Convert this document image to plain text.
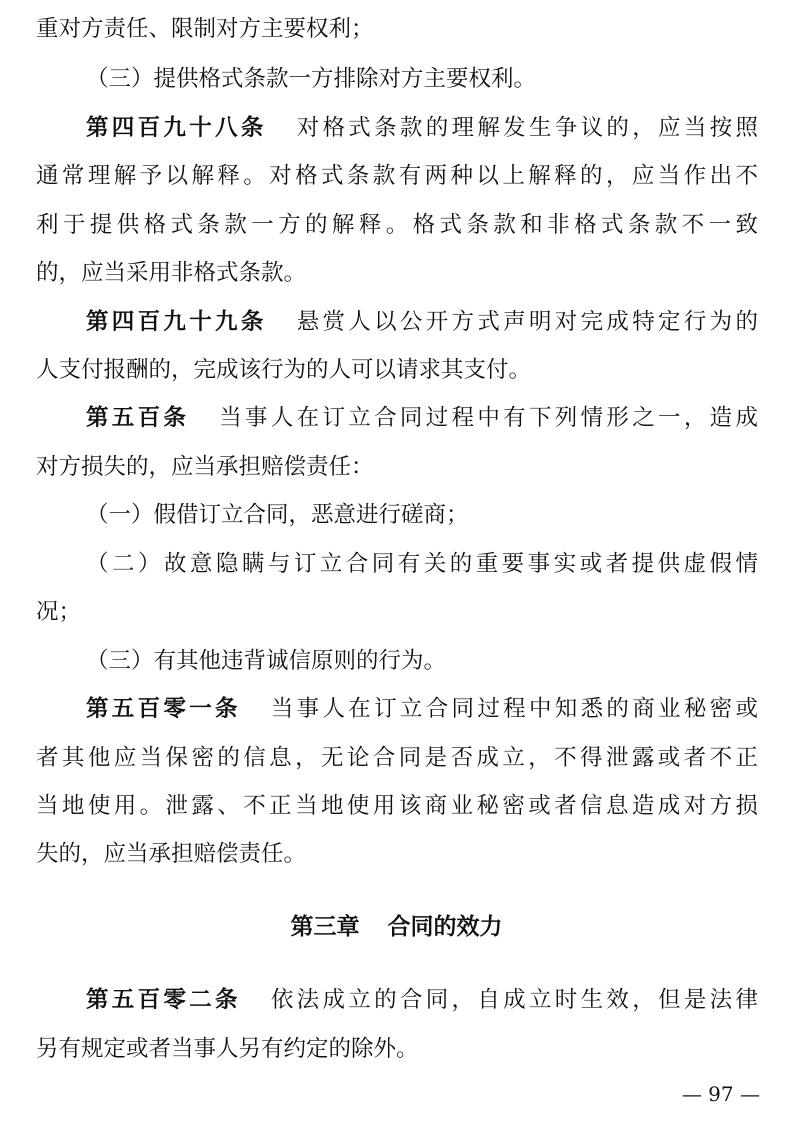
重对方责任、限制对方主要权利；
（三）提供格式条款一方排除对方主要权利。
第四百九十八条 对格式条款的理解发生争议的，应当按照
通常理解予以解释。对格式条款有两种以上解释的，应当作出不
利于提供格式条款一方的解释。格式条款和非格式条款不一致
的，应当采用非格式条款。
第四百九十九条 悬赏人以公开方式声明对完成特定行为的
人支付报酬的，完成该行为的人可以请求其支付。
第五百条 当事人在订立合同过程中有下列情形之一，造成
对方损失的，应当承担赔偿责任：
（一）假借订立合同，恶意进行磋商；
（二）故意隐瞒与订立合同有关的重要事实或者提供虚假情
况；
（三）有其他违背诚信原则的行为。
第五百零一条 当事人在订立合同过程中知悉的商业秘密或
者其他应当保密的信息，无论合同是否成立，不得泄露或者不正
当地使用。泄露、不正当地使用该商业秘密或者信息造成对方损
失的，应当承担赔偿责任。
第三章 合同的效力
第五百零二条 依法成立的合同，自成立时生效，但是法律
另有规定或者当事人另有约定的除外。
— 97 —
